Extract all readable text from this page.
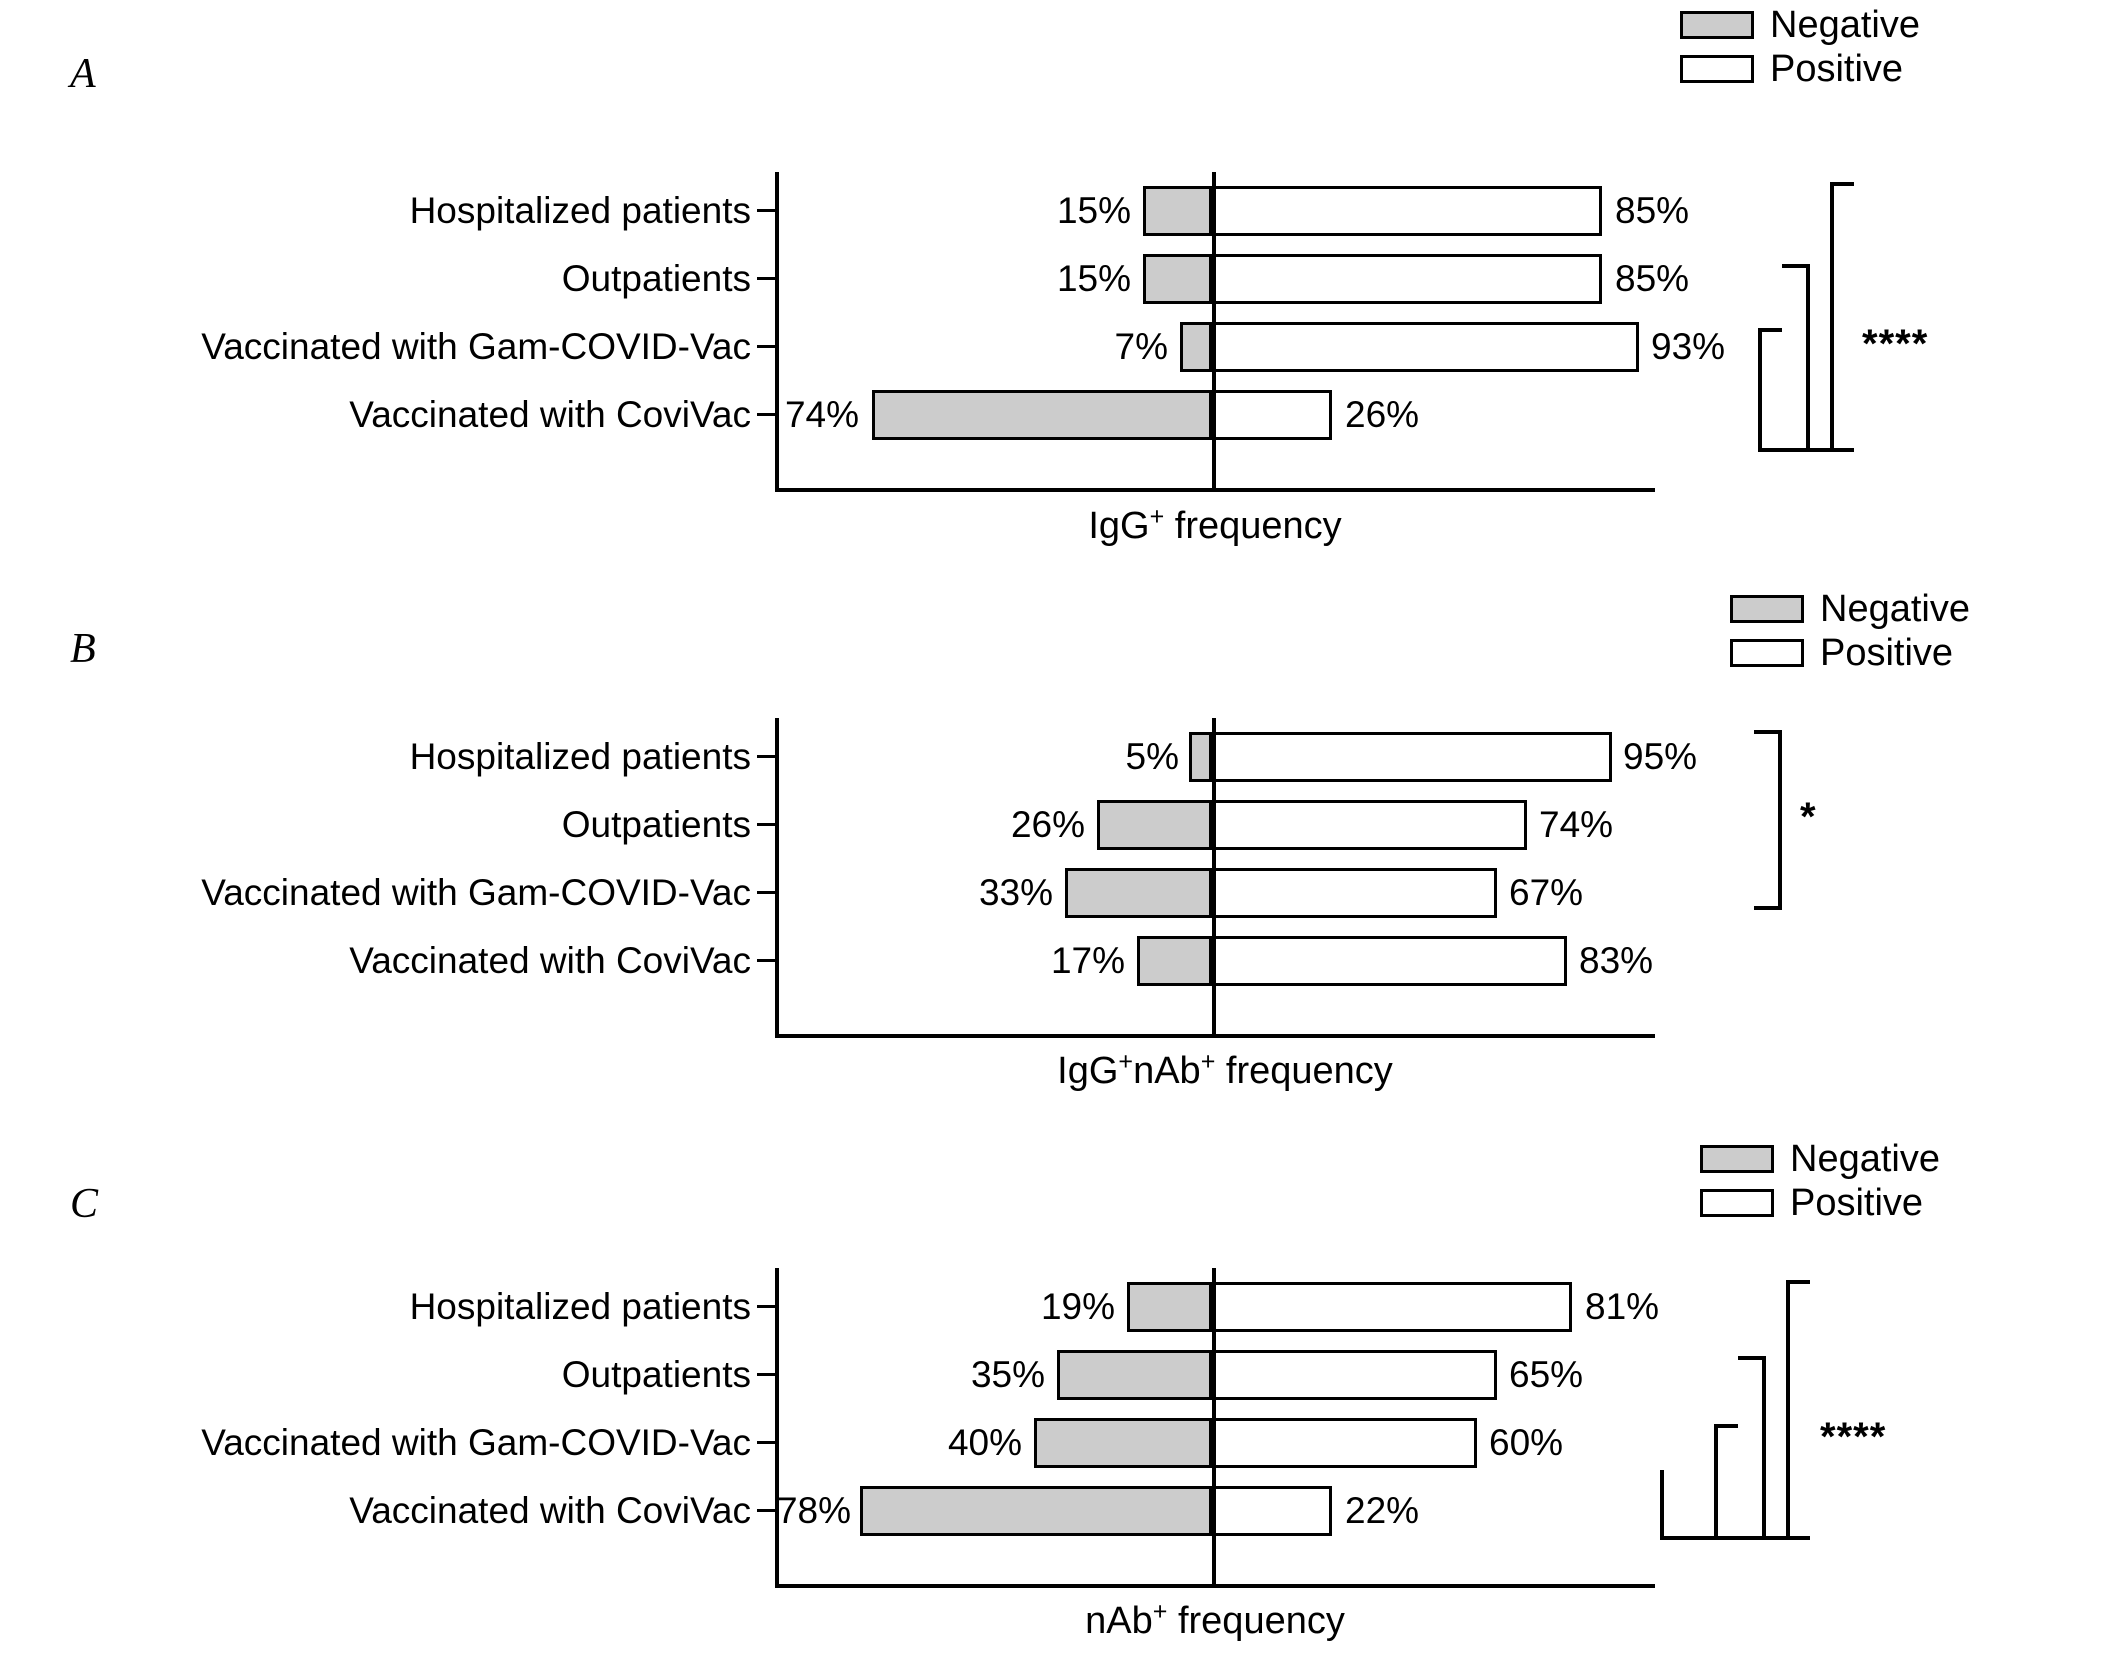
A
Negative
Positive
Hospitalized patients	15%	85%
Outpatients	15%	85%
Vaccinated with Gam-COVID-Vac	7%	93%
Vaccinated with CoviVac 74%	26%
IgG+ frequency
****
B
Negative
Positive
Hospitalized patients	5%	95%
Outpatients	26%	74%
Vaccinated with Gam-COVID-Vac	33%	67%
Vaccinated with CoviVac	17%	83%
IgG+nAb+ frequency
*
C
Negative
Positive
Hospitalized patients	19%	81%
Outpatients	35%	65%
Vaccinated with Gam-COVID-Vac	40%	60%
Vaccinated with CoviVac 78%	22%
nAb+ frequency
****
